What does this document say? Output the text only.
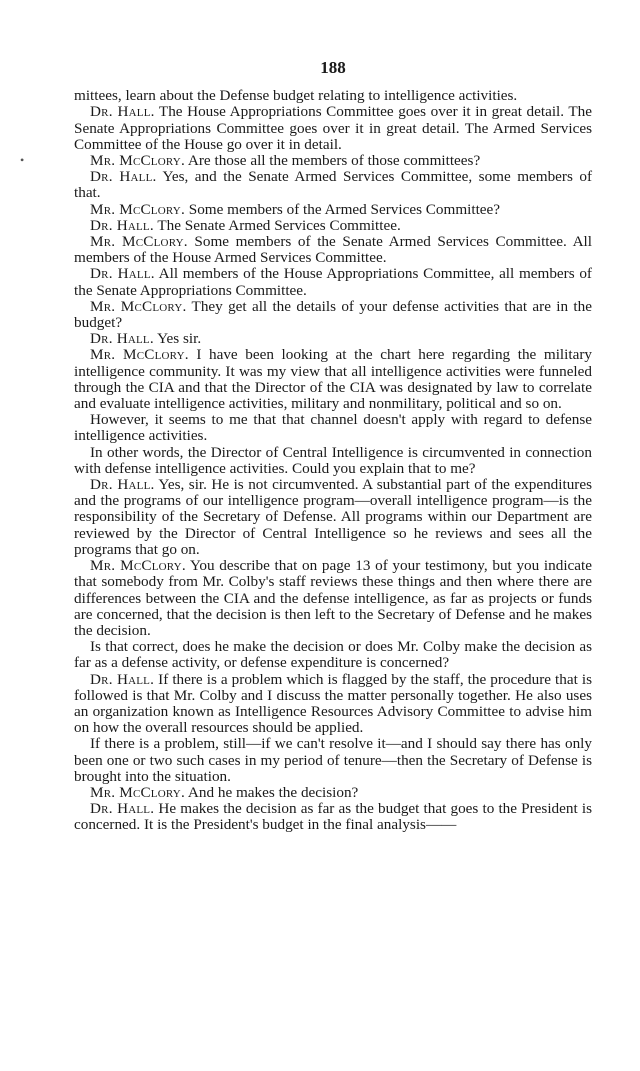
•
188

mittees, learn about the Defense budget relating to intelligence activities.

Dr. Hall. The House Appropriations Committee goes over it in great detail. The Senate Appropriations Committee goes over it in great detail. The Armed Services Committee of the House go over it in detail.

Mr. McClory. Are those all the members of those committees?

Dr. Hall. Yes, and the Senate Armed Services Committee, some members of that.

Mr. McClory. Some members of the Armed Services Committee?

Dr. Hall. The Senate Armed Services Committee.

Mr. McClory. Some members of the Senate Armed Services Committee. All members of the House Armed Services Committee.

Dr. Hall. All members of the House Appropriations Committee, all members of the Senate Appropriations Committee.

Mr. McClory. They get all the details of your defense activities that are in the budget?

Dr. Hall. Yes sir.

Mr. McClory. I have been looking at the chart here regarding the military intelligence community. It was my view that all intelligence activities were funneled through the CIA and that the Director of the CIA was designated by law to correlate and evaluate intelligence activities, military and nonmilitary, political and so on.

However, it seems to me that that channel doesn't apply with regard to defense intelligence activities.

In other words, the Director of Central Intelligence is circumvented in connection with defense intelligence activities. Could you explain that to me?

Dr. Hall. Yes, sir. He is not circumvented. A substantial part of the expenditures and the programs of our intelligence program—overall intelligence program—is the responsibility of the Secretary of Defense. All programs within our Department are reviewed by the Director of Central Intelligence so he reviews and sees all the programs that go on.

Mr. McClory. You describe that on page 13 of your testimony, but you indicate that somebody from Mr. Colby's staff reviews these things and then where there are differences between the CIA and the defense intelligence, as far as projects or funds are concerned, that the decision is then left to the Secretary of Defense and he makes the decision.

Is that correct, does he make the decision or does Mr. Colby make the decision as far as a defense activity, or defense expenditure is concerned?

Dr. Hall. If there is a problem which is flagged by the staff, the procedure that is followed is that Mr. Colby and I discuss the matter personally together. He also uses an organization known as Intelligence Resources Advisory Committee to advise him on how the overall resources should be applied.

If there is a problem, still—if we can't resolve it—and I should say there has only been one or two such cases in my period of tenure—then the Secretary of Defense is brought into the situation.

Mr. McClory. And he makes the decision?

Dr. Hall. He makes the decision as far as the budget that goes to the President is concerned. It is the President's budget in the final analysis——
